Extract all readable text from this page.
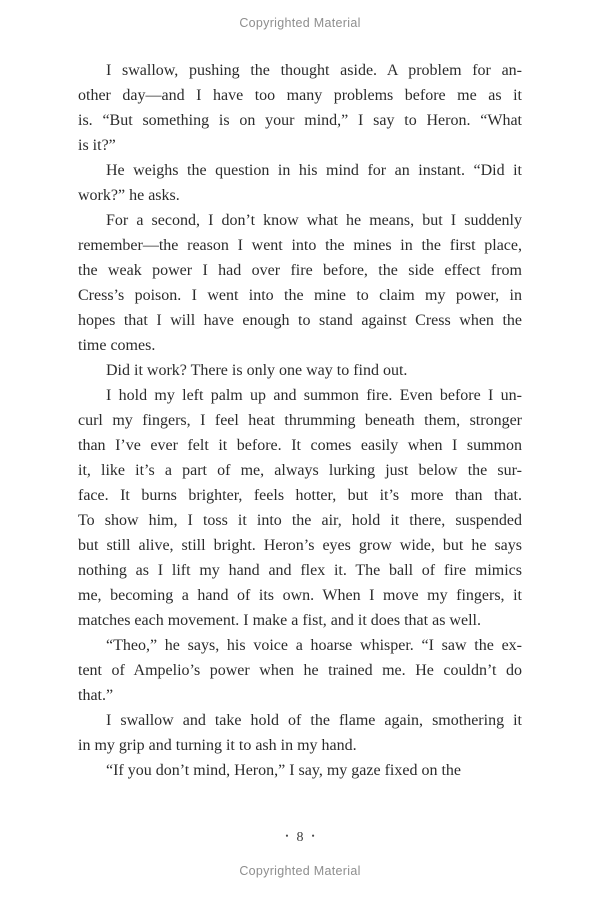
Copyrighted Material
I swallow, pushing the thought aside. A problem for an-
other day—and I have too many problems before me as it
is. “But something is on your mind,” I say to Heron. “What
is it?”
He weighs the question in his mind for an instant. “Did it
work?” he asks.
For a second, I don’t know what he means, but I suddenly
remember—the reason I went into the mines in the first place,
the weak power I had over fire before, the side effect from
Cress’s poison. I went into the mine to claim my power, in
hopes that I will have enough to stand against Cress when the
time comes.
Did it work? There is only one way to find out.
I hold my left palm up and summon fire. Even before I un-
curl my fingers, I feel heat thrumming beneath them, stronger
than I’ve ever felt it before. It comes easily when I summon
it, like it’s a part of me, always lurking just below the sur-
face. It burns brighter, feels hotter, but it’s more than that.
To show him, I toss it into the air, hold it there, suspended
but still alive, still bright. Heron’s eyes grow wide, but he says
nothing as I lift my hand and flex it. The ball of fire mimics
me, becoming a hand of its own. When I move my fingers, it
matches each movement. I make a fist, and it does that as well.
“Theo,” he says, his voice a hoarse whisper. “I saw the ex-
tent of Ampelio’s power when he trained me. He couldn’t do
that.”
I swallow and take hold of the flame again, smothering it
in my grip and turning it to ash in my hand.
“If you don’t mind, Heron,” I say, my gaze fixed on the
• 8 •
Copyrighted Material
